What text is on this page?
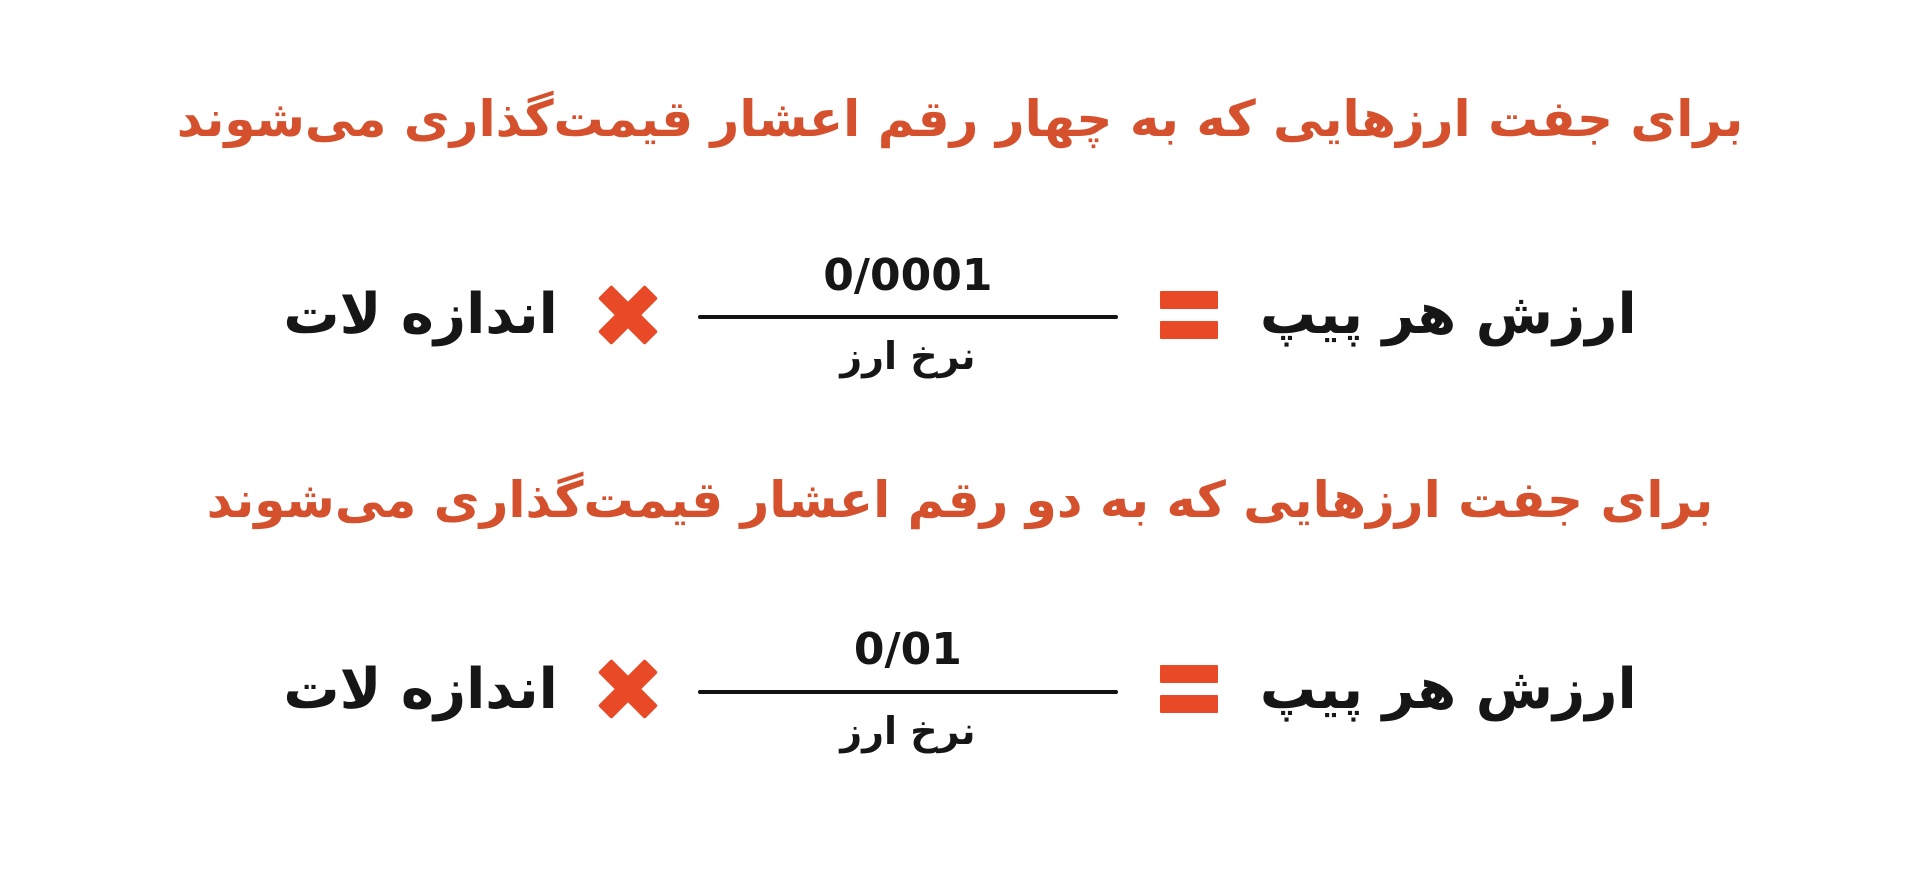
برای جفت ارزهایی که به چهار رقم اعشار قیمت‌گذاری می‌شوند
اندازه لات	$\frac{0/0001}{\text{نرخ ارز}}$	ارزش هر پیپ
برای جفت ارزهایی که به دو رقم اعشار قیمت‌گذاری می‌شوند
اندازه لات	$\frac{0/01}{\text{نرخ ارز}}$	ارزش هر پیپ
